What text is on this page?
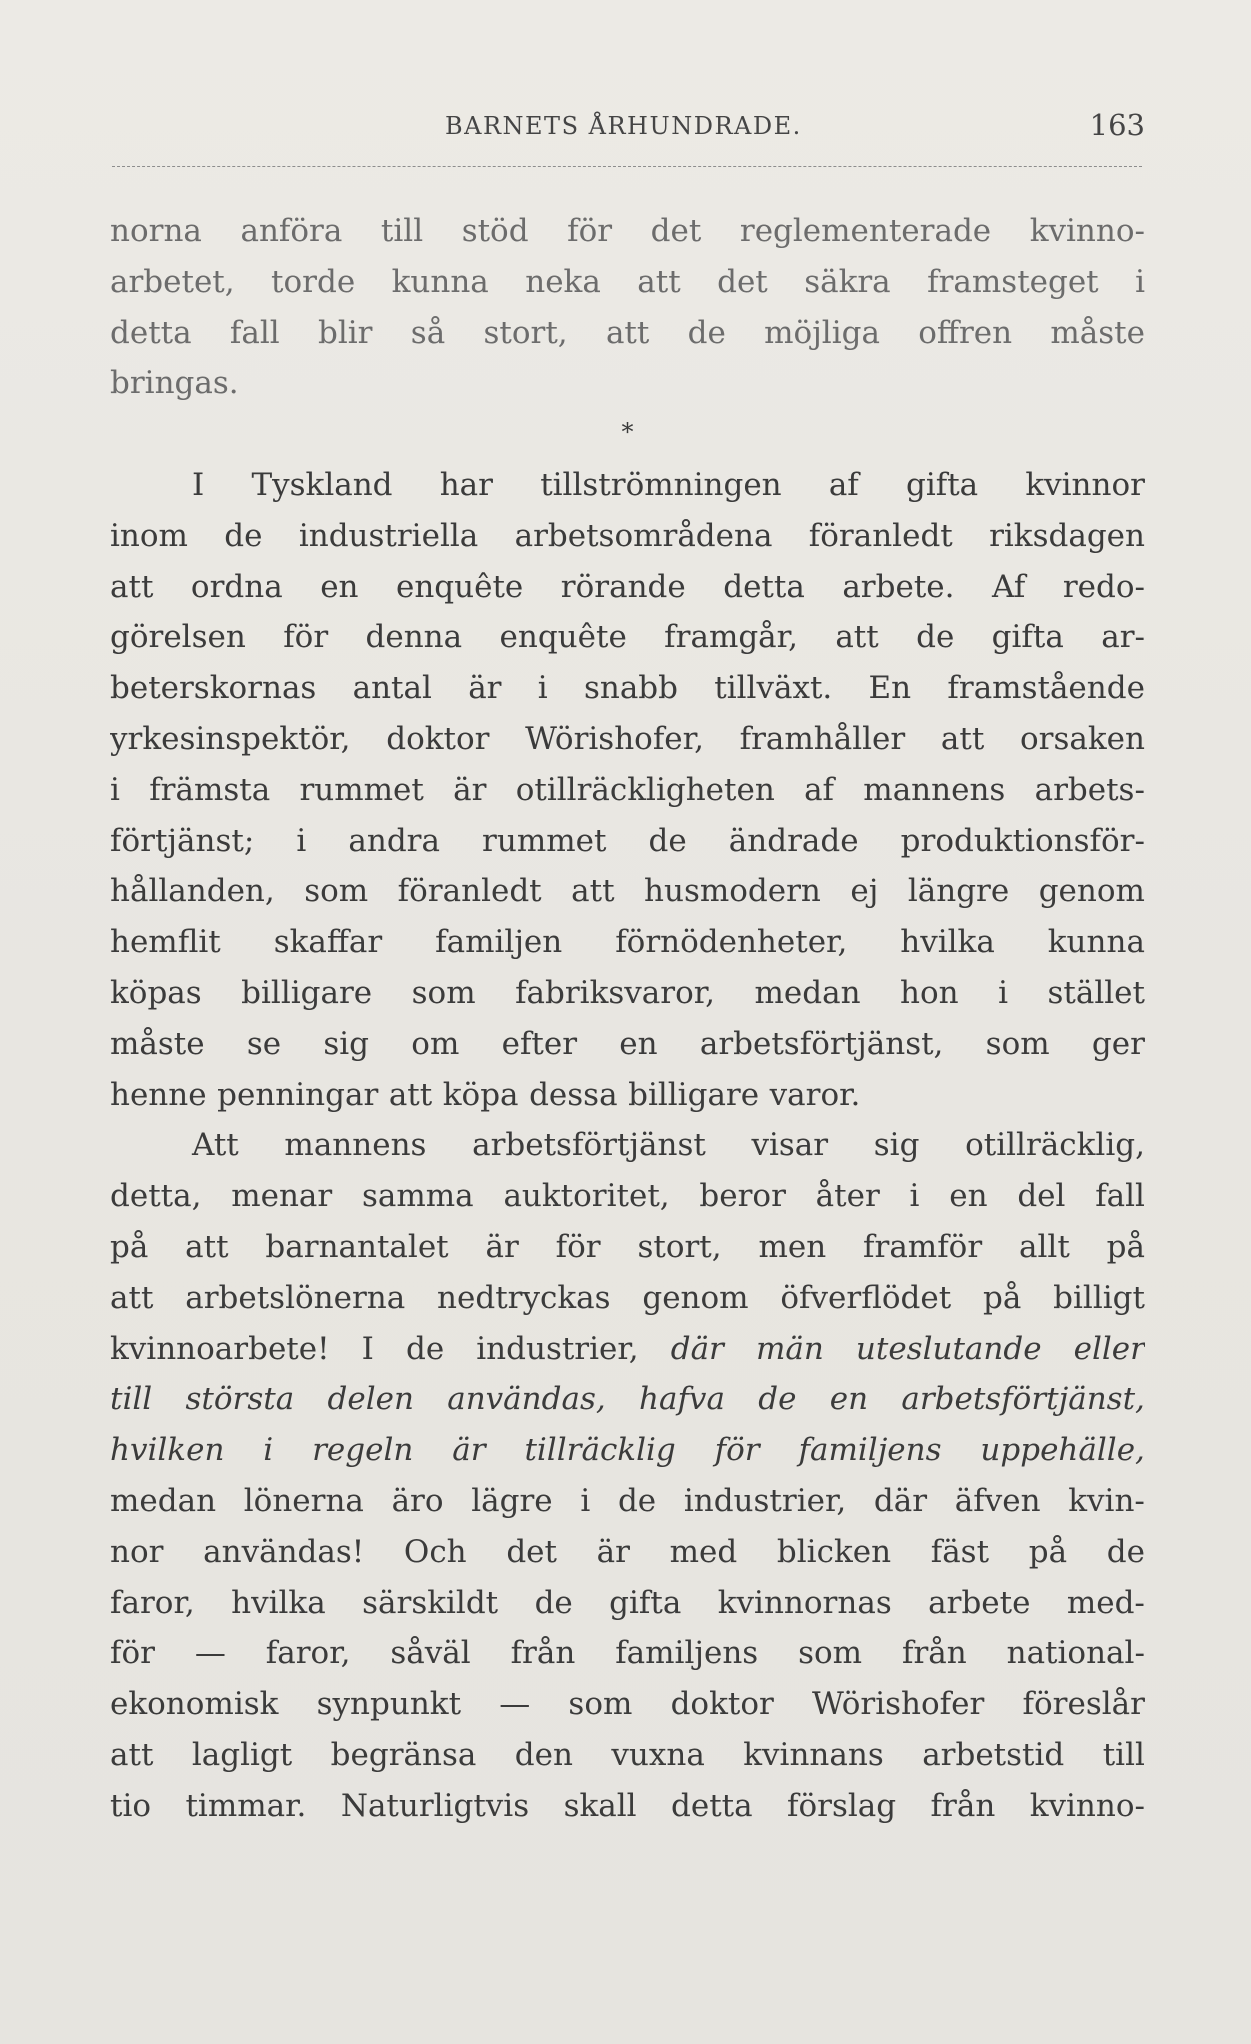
BARNETS ÅRHUNDRADE.	163
norna anföra till stöd för det reglementerade kvinno-
arbetet, torde kunna neka att det säkra framsteget i
detta fall blir så stort, att de möjliga offren måste
bringas.
*
I Tyskland har tillströmningen af gifta kvinnor
inom de industriella arbetsområdena föranledt riksdagen
att ordna en enquête rörande detta arbete. Af redo-
görelsen för denna enquête framgår, att de gifta ar-
beterskornas antal är i snabb tillväxt. En framstående
yrkesinspektör, doktor Wörishofer, framhåller att orsaken
i främsta rummet är otillräckligheten af mannens arbets-
förtjänst; i andra rummet de ändrade produktionsför-
hållanden, som föranledt att husmodern ej längre genom
hemflit skaffar familjen förnödenheter, hvilka kunna
köpas billigare som fabriksvaror, medan hon i stället
måste se sig om efter en arbetsförtjänst, som ger
henne penningar att köpa dessa billigare varor.
Att mannens arbetsförtjänst visar sig otillräcklig,
detta, menar samma auktoritet, beror åter i en del fall
på att barnantalet är för stort, men framför allt på
att arbetslönerna nedtryckas genom öfverflödet på billigt
kvinnoarbete! I de industrier, där män uteslutande eller
till största delen användas, hafva de en arbetsförtjänst,
hvilken i regeln är tillräcklig för familjens uppehälle,
medan lönerna äro lägre i de industrier, där äfven kvin-
nor användas! Och det är med blicken fäst på de
faror, hvilka särskildt de gifta kvinnornas arbete med-
för — faror, såväl från familjens som från national-
ekonomisk synpunkt — som doktor Wörishofer föreslår
att lagligt begränsa den vuxna kvinnans arbetstid till
tio timmar. Naturligtvis skall detta förslag från kvinno-
